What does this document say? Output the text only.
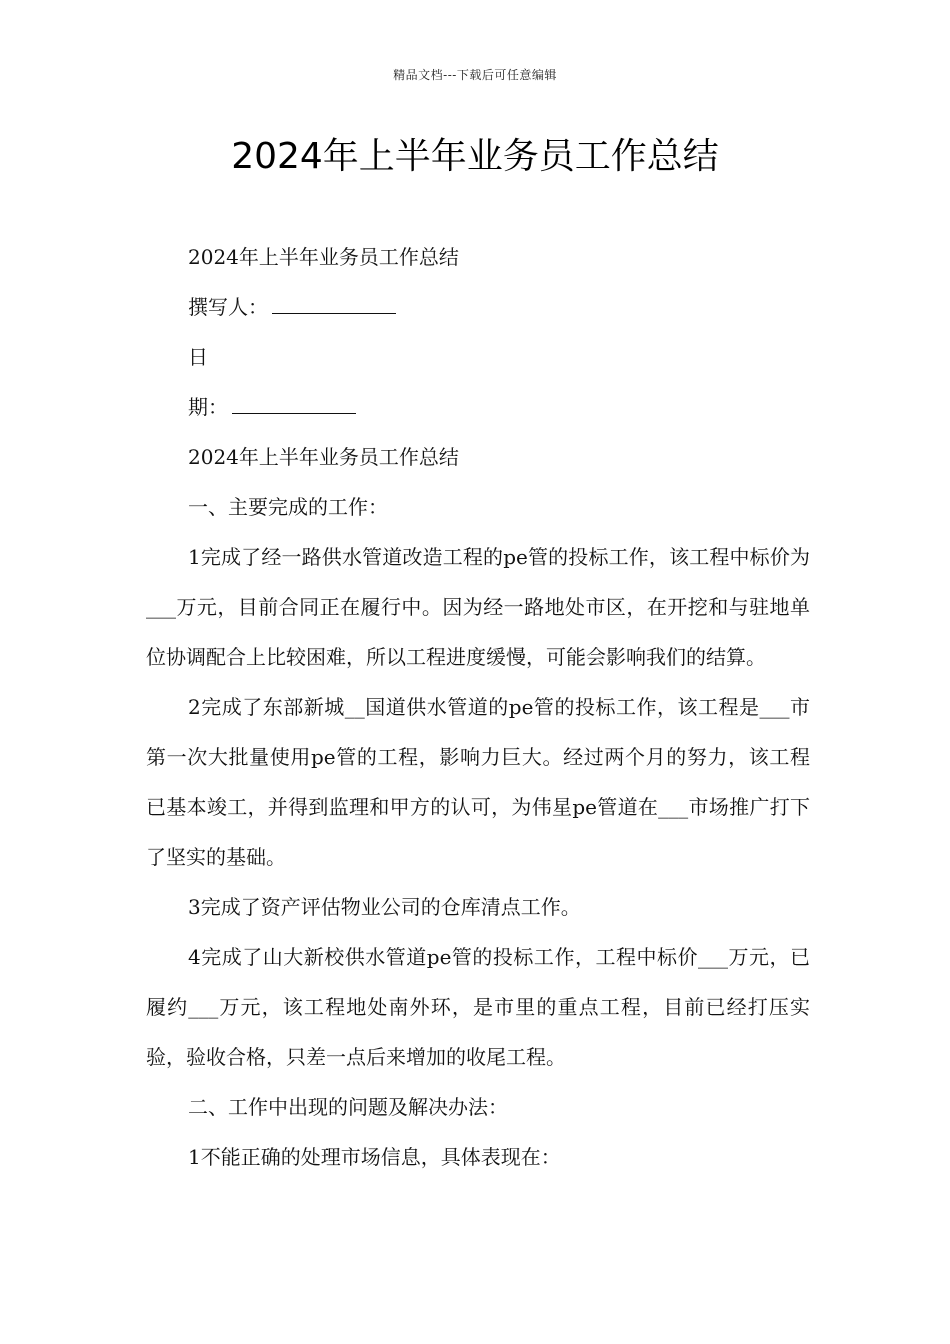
精品文档---下载后可任意编辑
2024年上半年业务员工作总结

2024年上半年业务员工作总结

撰写人：

日

期：

2024年上半年业务员工作总结

一、主要完成的工作：

1完成了经一路供水管道改造工程的pe管的投标工作，该工程中标价为___万元，目前合同正在履行中。因为经一路地处市区，在开挖和与驻地单位协调配合上比较困难，所以工程进度缓慢，可能会影响我们的结算。

2完成了东部新城__国道供水管道的pe管的投标工作，该工程是___市第一次大批量使用pe管的工程，影响力巨大。经过两个月的努力，该工程已基本竣工，并得到监理和甲方的认可，为伟星pe管道在___市场推广打下了坚实的基础。

3完成了资产评估物业公司的仓库清点工作。

4完成了山大新校供水管道pe管的投标工作，工程中标价___万元，已履约___万元，该工程地处南外环，是市里的重点工程，目前已经打压实验，验收合格，只差一点后来增加的收尾工程。

二、工作中出现的问题及解决办法：

1不能正确的处理市场信息，具体表现在：
